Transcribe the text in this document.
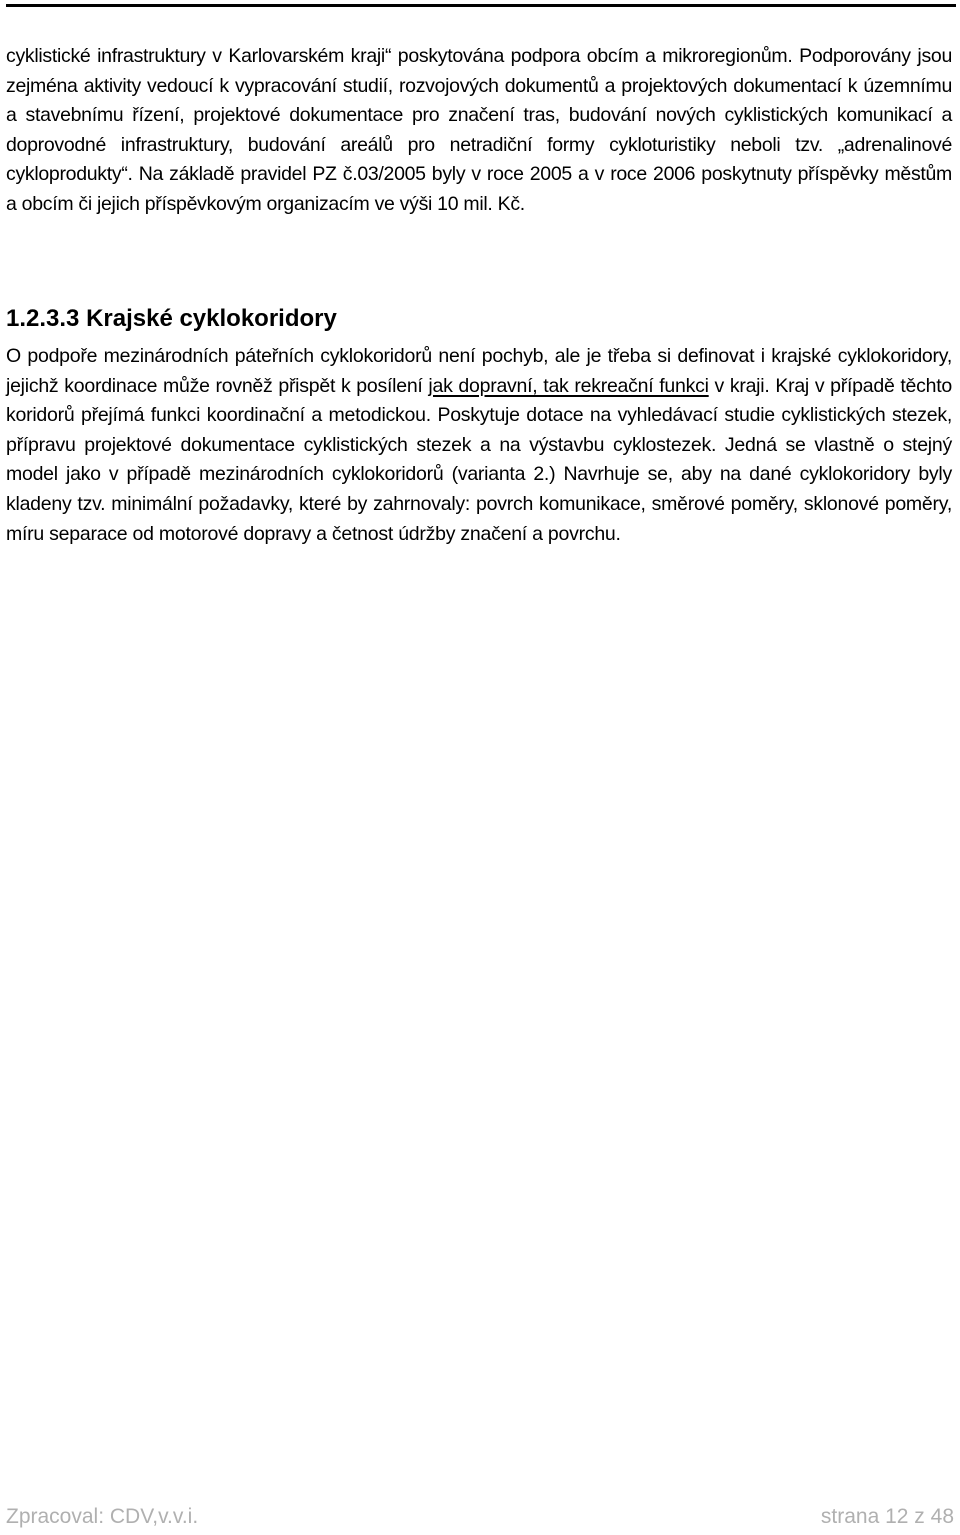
cyklistické infrastruktury v Karlovarském kraji“ poskytována podpora obcím a mikroregionům. Podporovány jsou zejména aktivity vedoucí k vypracování studií, rozvojových dokumentů a projektových dokumentací k územnímu a stavebnímu řízení, projektové dokumentace pro značení tras, budování nových cyklistických komunikací a doprovodné infrastruktury, budování areálů pro netradiční formy cykloturistiky neboli tzv. „adrenalinové cykloprodukty“. Na základě pravidel PZ č.03/2005 byly v roce 2005 a v roce 2006 poskytnuty příspěvky městům a obcím či jejich příspěvkovým organizacím ve výši 10 mil. Kč.

1.2.3.3 Krajské cyklokoridory

O podpoře mezinárodních páteřních cyklokoridorů není pochyb, ale je třeba si definovat i krajské cyklokoridory, jejichž koordinace může rovněž přispět k posílení jak dopravní, tak rekreační funkci v kraji. Kraj v případě těchto koridorů přejímá funkci koordinační a metodickou. Poskytuje dotace na vyhledávací studie cyklistických stezek, přípravu projektové dokumentace cyklistických stezek a na výstavbu cyklostezek. Jedná se vlastně o stejný model jako v případě mezinárodních cyklokoridorů (varianta 2.) Navrhuje se, aby na dané cyklokoridory byly kladeny tzv. minimální požadavky, které by zahrnovaly: povrch komunikace, směrové poměry, sklonové poměry, míru separace od motorové dopravy a četnost údržby značení a povrchu.

Zpracoval: CDV,v.v.i.	strana 12 z 48
